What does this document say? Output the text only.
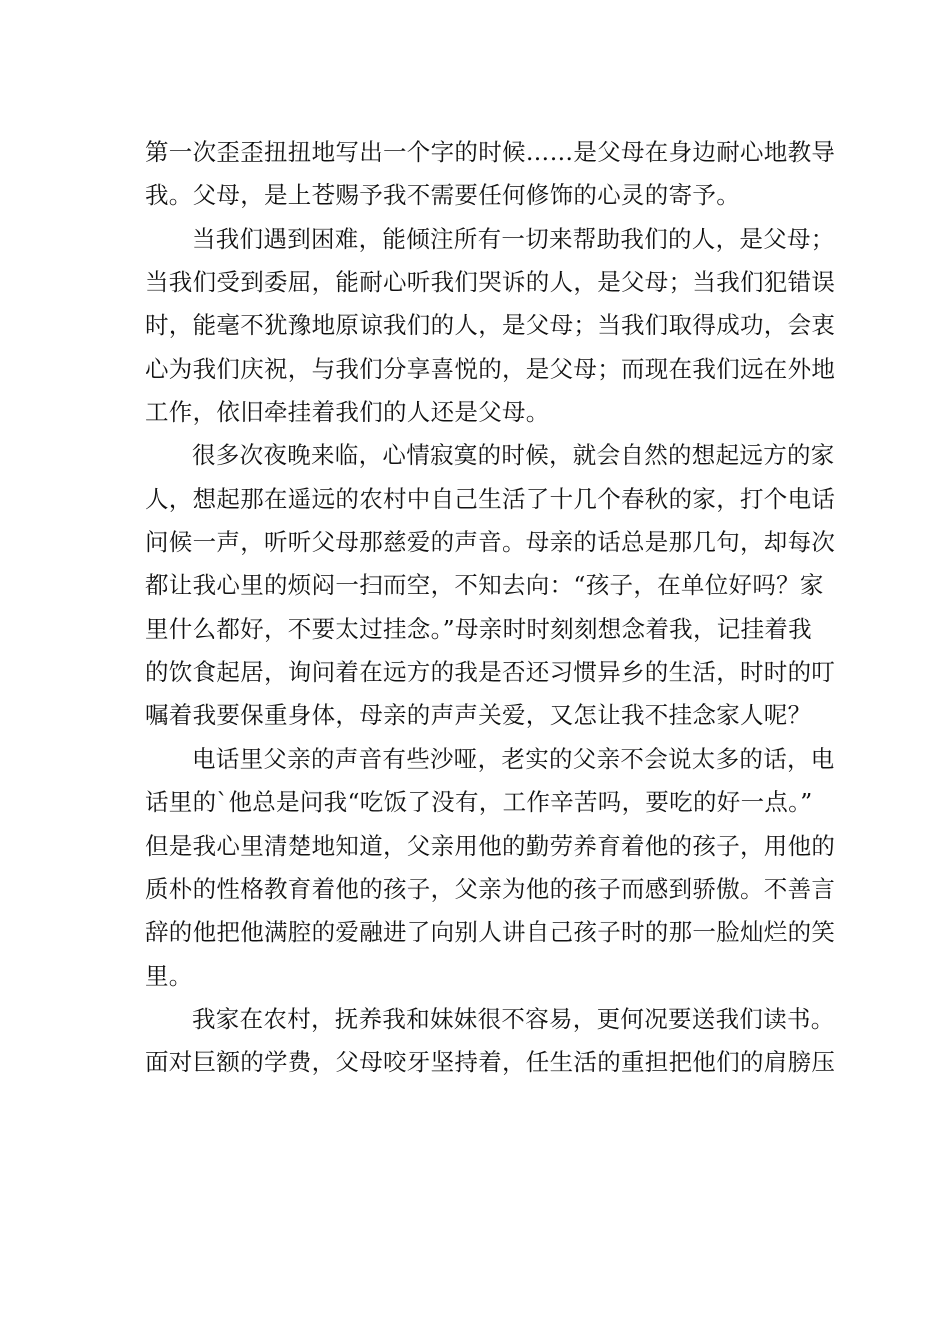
第一次歪歪扭扭地写出一个字的时候……是父母在身边耐心地教导
我。父母，是上苍赐予我不需要任何修饰的心灵的寄予。
当我们遇到困难，能倾注所有一切来帮助我们的人，是父母；
当我们受到委屈，能耐心听我们哭诉的人，是父母；当我们犯错误
时，能毫不犹豫地原谅我们的人，是父母；当我们取得成功，会衷
心为我们庆祝，与我们分享喜悦的，是父母；而现在我们远在外地
工作，依旧牵挂着我们的人还是父母。
很多次夜晚来临，心情寂寞的时候，就会自然的想起远方的家
人，想起那在遥远的农村中自己生活了十几个春秋的家，打个电话
问候一声，听听父母那慈爱的声音。母亲的话总是那几句，却每次
都让我心里的烦闷一扫而空，不知去向：“孩子，在单位好吗？家
里什么都好，不要太过挂念。”母亲时时刻刻想念着我，记挂着我
的饮食起居，询问着在远方的我是否还习惯异乡的生活，时时的叮
嘱着我要保重身体，母亲的声声关爱，又怎让我不挂念家人呢？
电话里父亲的声音有些沙哑，老实的父亲不会说太多的话，电
话里的`他总是问我“吃饭了没有，工作辛苦吗，要吃的好一点。”
但是我心里清楚地知道，父亲用他的勤劳养育着他的孩子，用他的
质朴的性格教育着他的孩子，父亲为他的孩子而感到骄傲。不善言
辞的他把他满腔的爱融进了向别人讲自己孩子时的那一脸灿烂的笑
里。
我家在农村，抚养我和妹妹很不容易，更何况要送我们读书。
面对巨额的学费，父母咬牙坚持着，任生活的重担把他们的肩膀压
